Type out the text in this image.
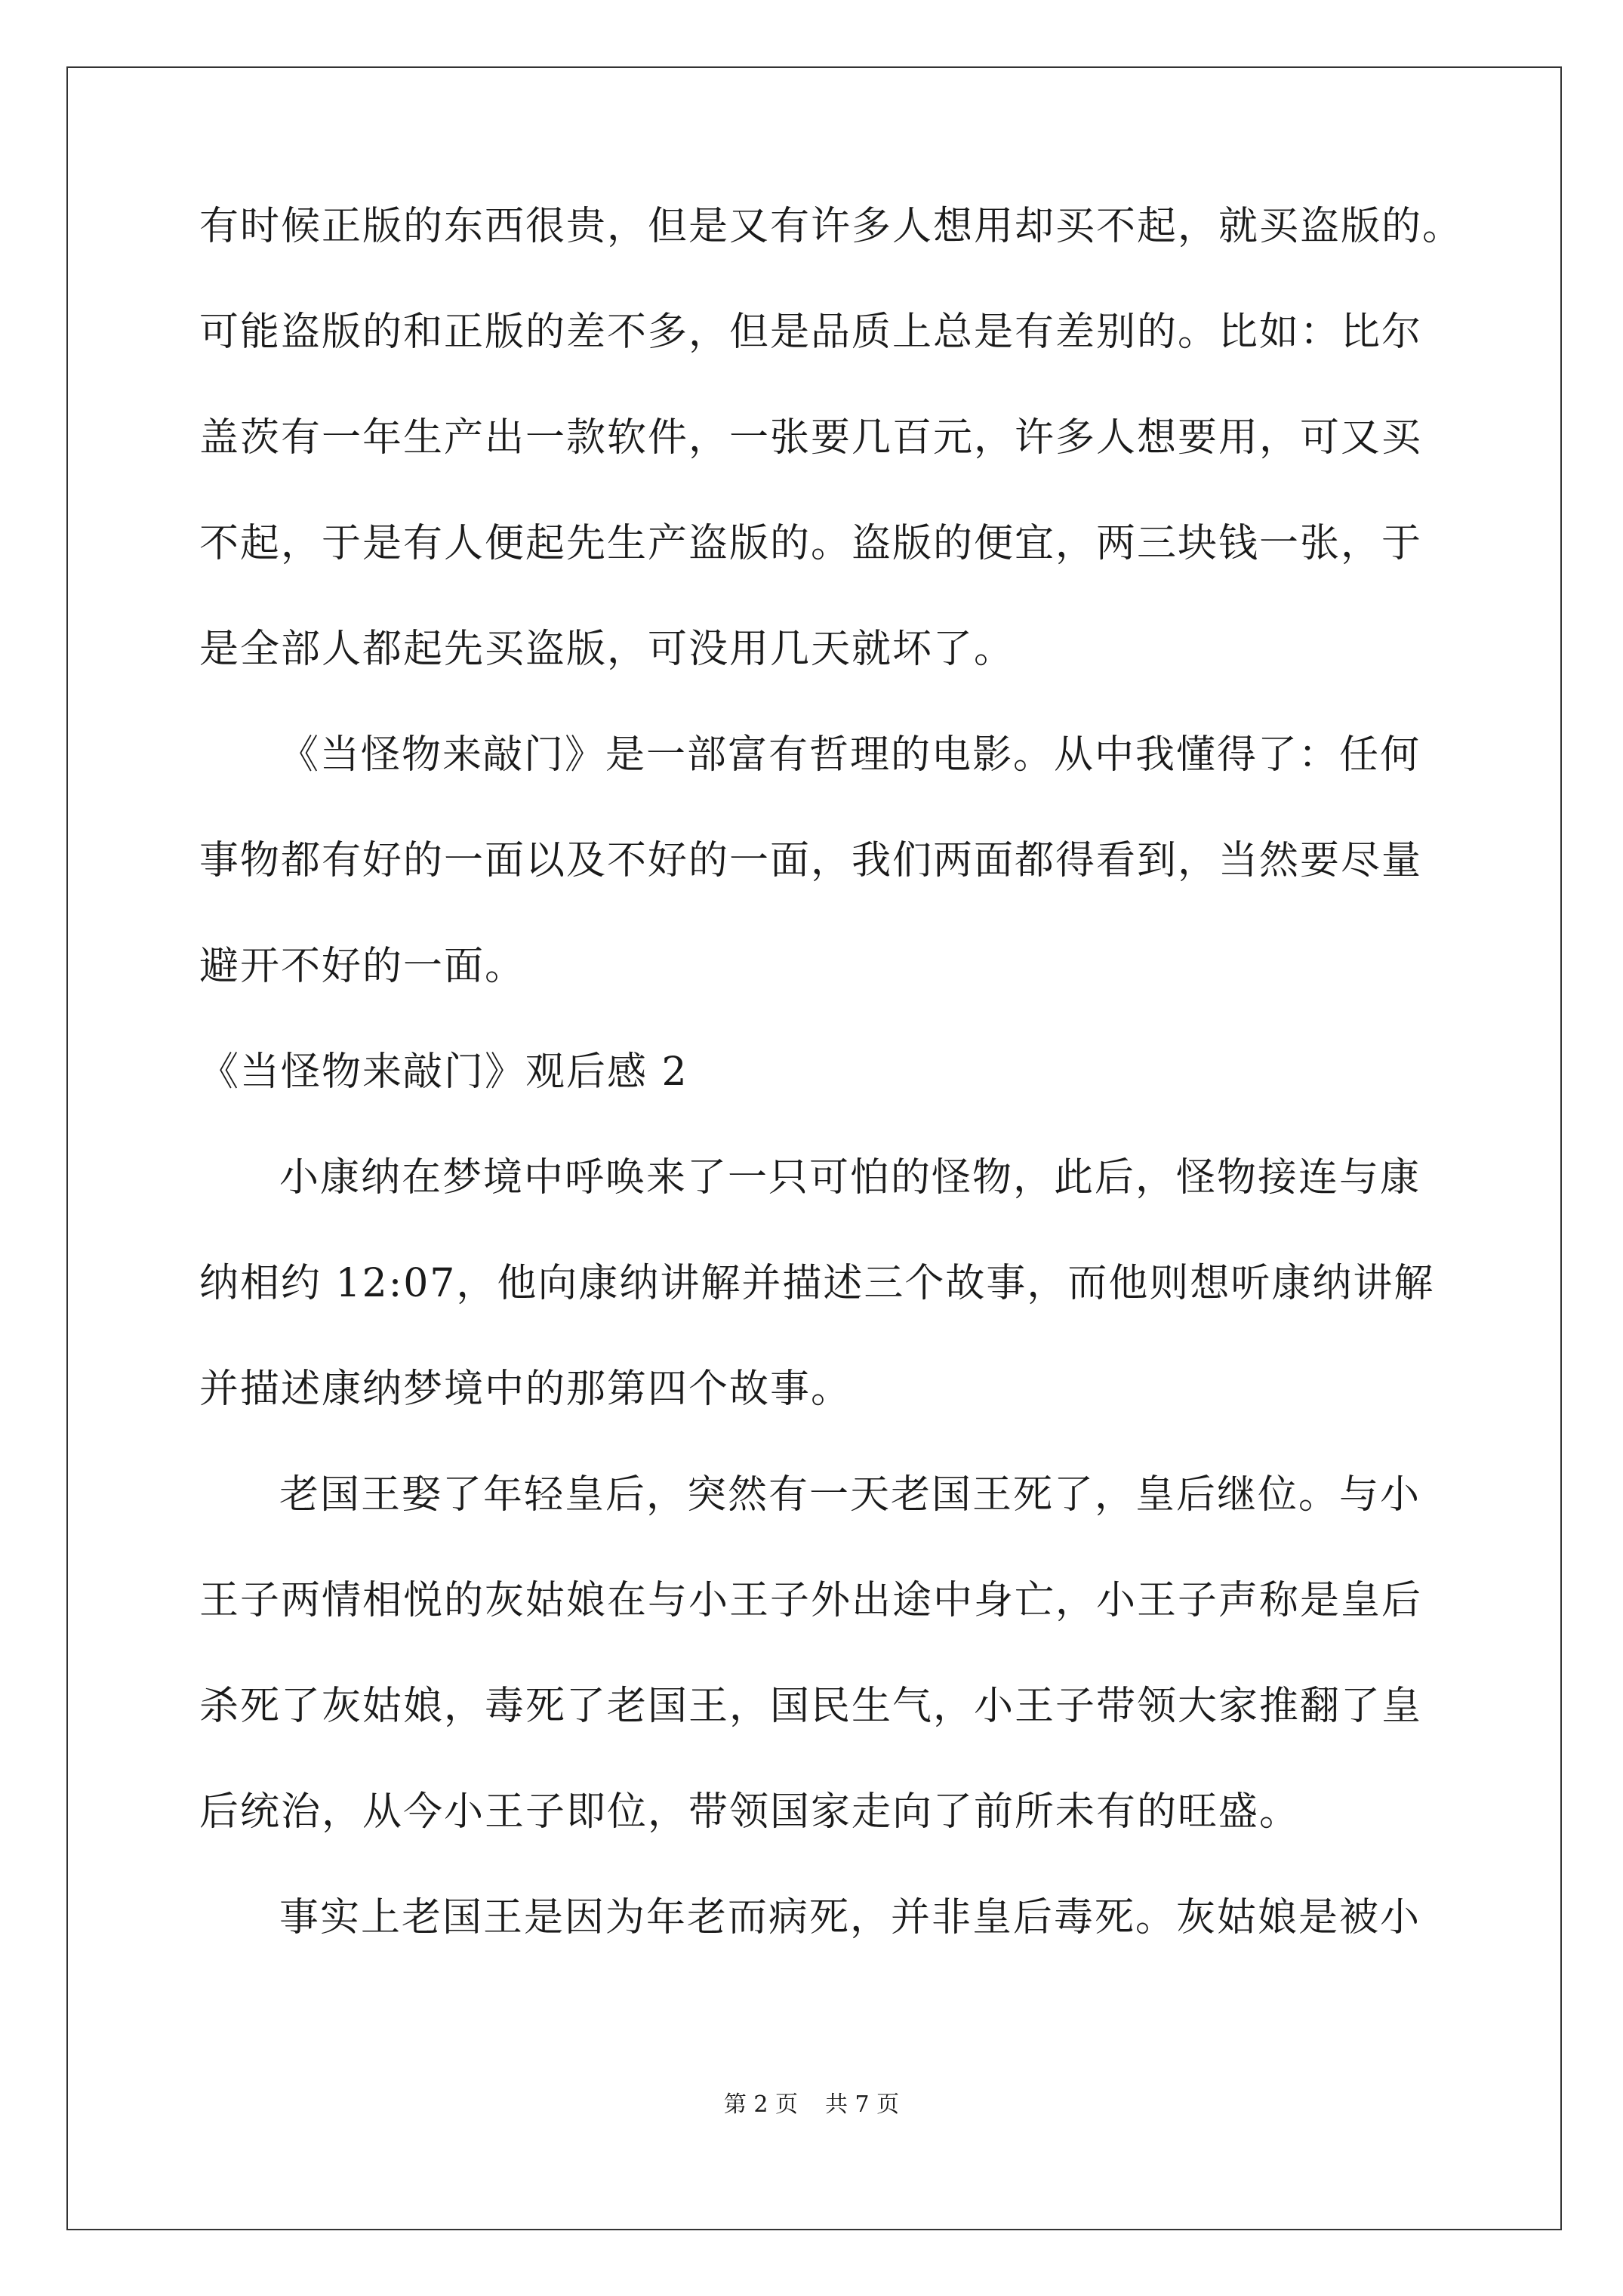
有时候正版的东西很贵，但是又有许多人想用却买不起，就买盗版的。
可能盗版的和正版的差不多，但是品质上总是有差别的。比如：比尔
盖茨有一年生产出一款软件，一张要几百元，许多人想要用，可又买
不起，于是有人便起先生产盗版的。盗版的便宜，两三块钱一张，于
是全部人都起先买盗版，可没用几天就坏了。
《当怪物来敲门》是一部富有哲理的电影。从中我懂得了：任何
事物都有好的一面以及不好的一面，我们两面都得看到，当然要尽量
避开不好的一面。
《当怪物来敲门》观后感 2
小康纳在梦境中呼唤来了一只可怕的怪物，此后，怪物接连与康
纳相约 12:07，他向康纳讲解并描述三个故事，而他则想听康纳讲解
并描述康纳梦境中的那第四个故事。
老国王娶了年轻皇后，突然有一天老国王死了，皇后继位。与小
王子两情相悦的灰姑娘在与小王子外出途中身亡，小王子声称是皇后
杀死了灰姑娘，毒死了老国王，国民生气，小王子带领大家推翻了皇
后统治，从今小王子即位，带领国家走向了前所未有的旺盛。
事实上老国王是因为年老而病死，并非皇后毒死。灰姑娘是被小
第 2 页 共 7 页
